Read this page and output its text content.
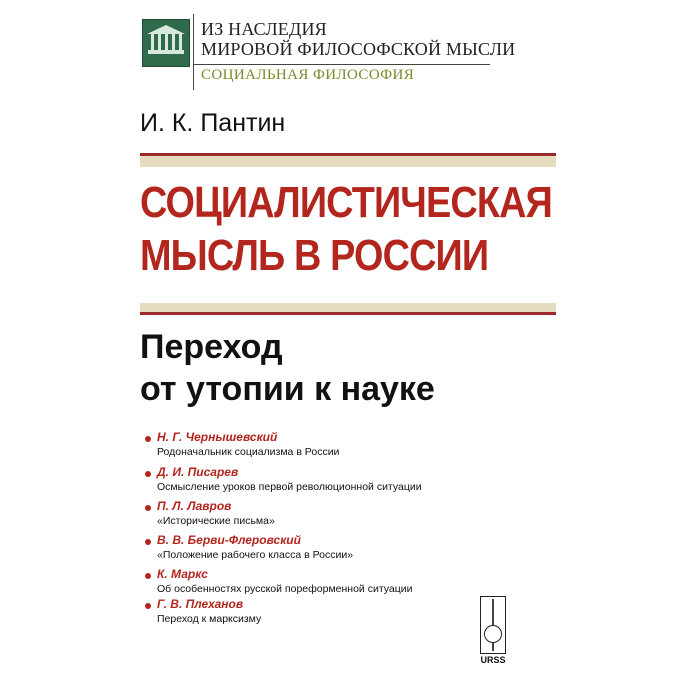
ИЗ НАСЛЕДИЯ
МИРОВОЙ ФИЛОСОФСКОЙ МЫСЛИ
СОЦИАЛЬНАЯ ФИЛОСОФИЯ
И. К. Пантин
СОЦИАЛИСТИЧЕСКАЯ
МЫСЛЬ В РОССИИ
Переход
от утопии к науке
Н. Г. Чернышевский
Родоначальник социализма в России
Д. И. Писарев
Осмысление уроков первой революционной ситуации
П. Л. Лавров
«Исторические письма»
В. В. Берви-Флеровский
«Положение рабочего класса в России»
К. Маркс
Об особенностях русской пореформенной ситуации
Г. В. Плеханов
Переход к марксизму
URSS
